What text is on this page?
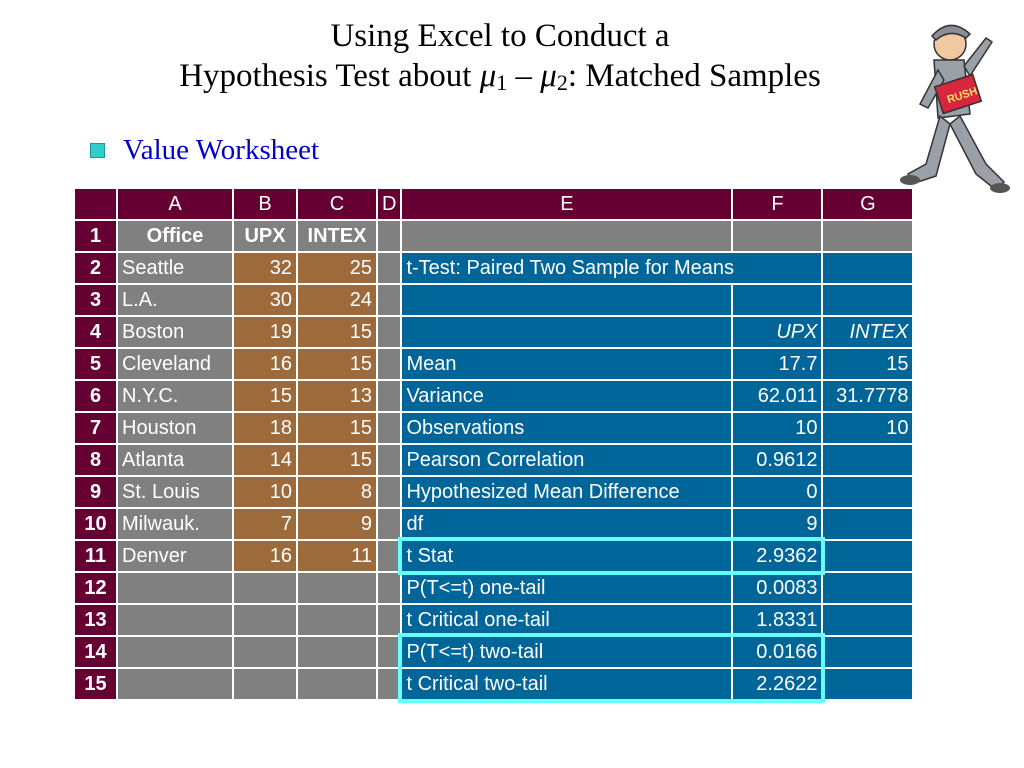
Using Excel to Conduct a
Hypothesis Test about $\mu_1 - \mu_2$: Matched Samples
Value Worksheet
RUSH
	A	B	C	D	E	F	G
1	Office	UPX	INTEX				
2	Seattle	32	25		t-Test: Paired Two Sample for Means		
3	L.A.	30	24				
4	Boston	19	15			UPX	INTEX
5	Cleveland	16	15		Mean	17.7	15
6	N.Y.C.	15	13		Variance	62.011	31.7778
7	Houston	18	15		Observations	10	10
8	Atlanta	14	15		Pearson Correlation	0.9612	
9	St. Louis	10	8		Hypothesized Mean Difference	0	
10	Milwauk.	7	9		df	9	
11	Denver	16	11		t Stat	2.9362	
12					P(T<=t) one-tail	0.0083	
13					t Critical one-tail	1.8331	
14					P(T<=t) two-tail	0.0166	
15					t Critical two-tail	2.2622	
